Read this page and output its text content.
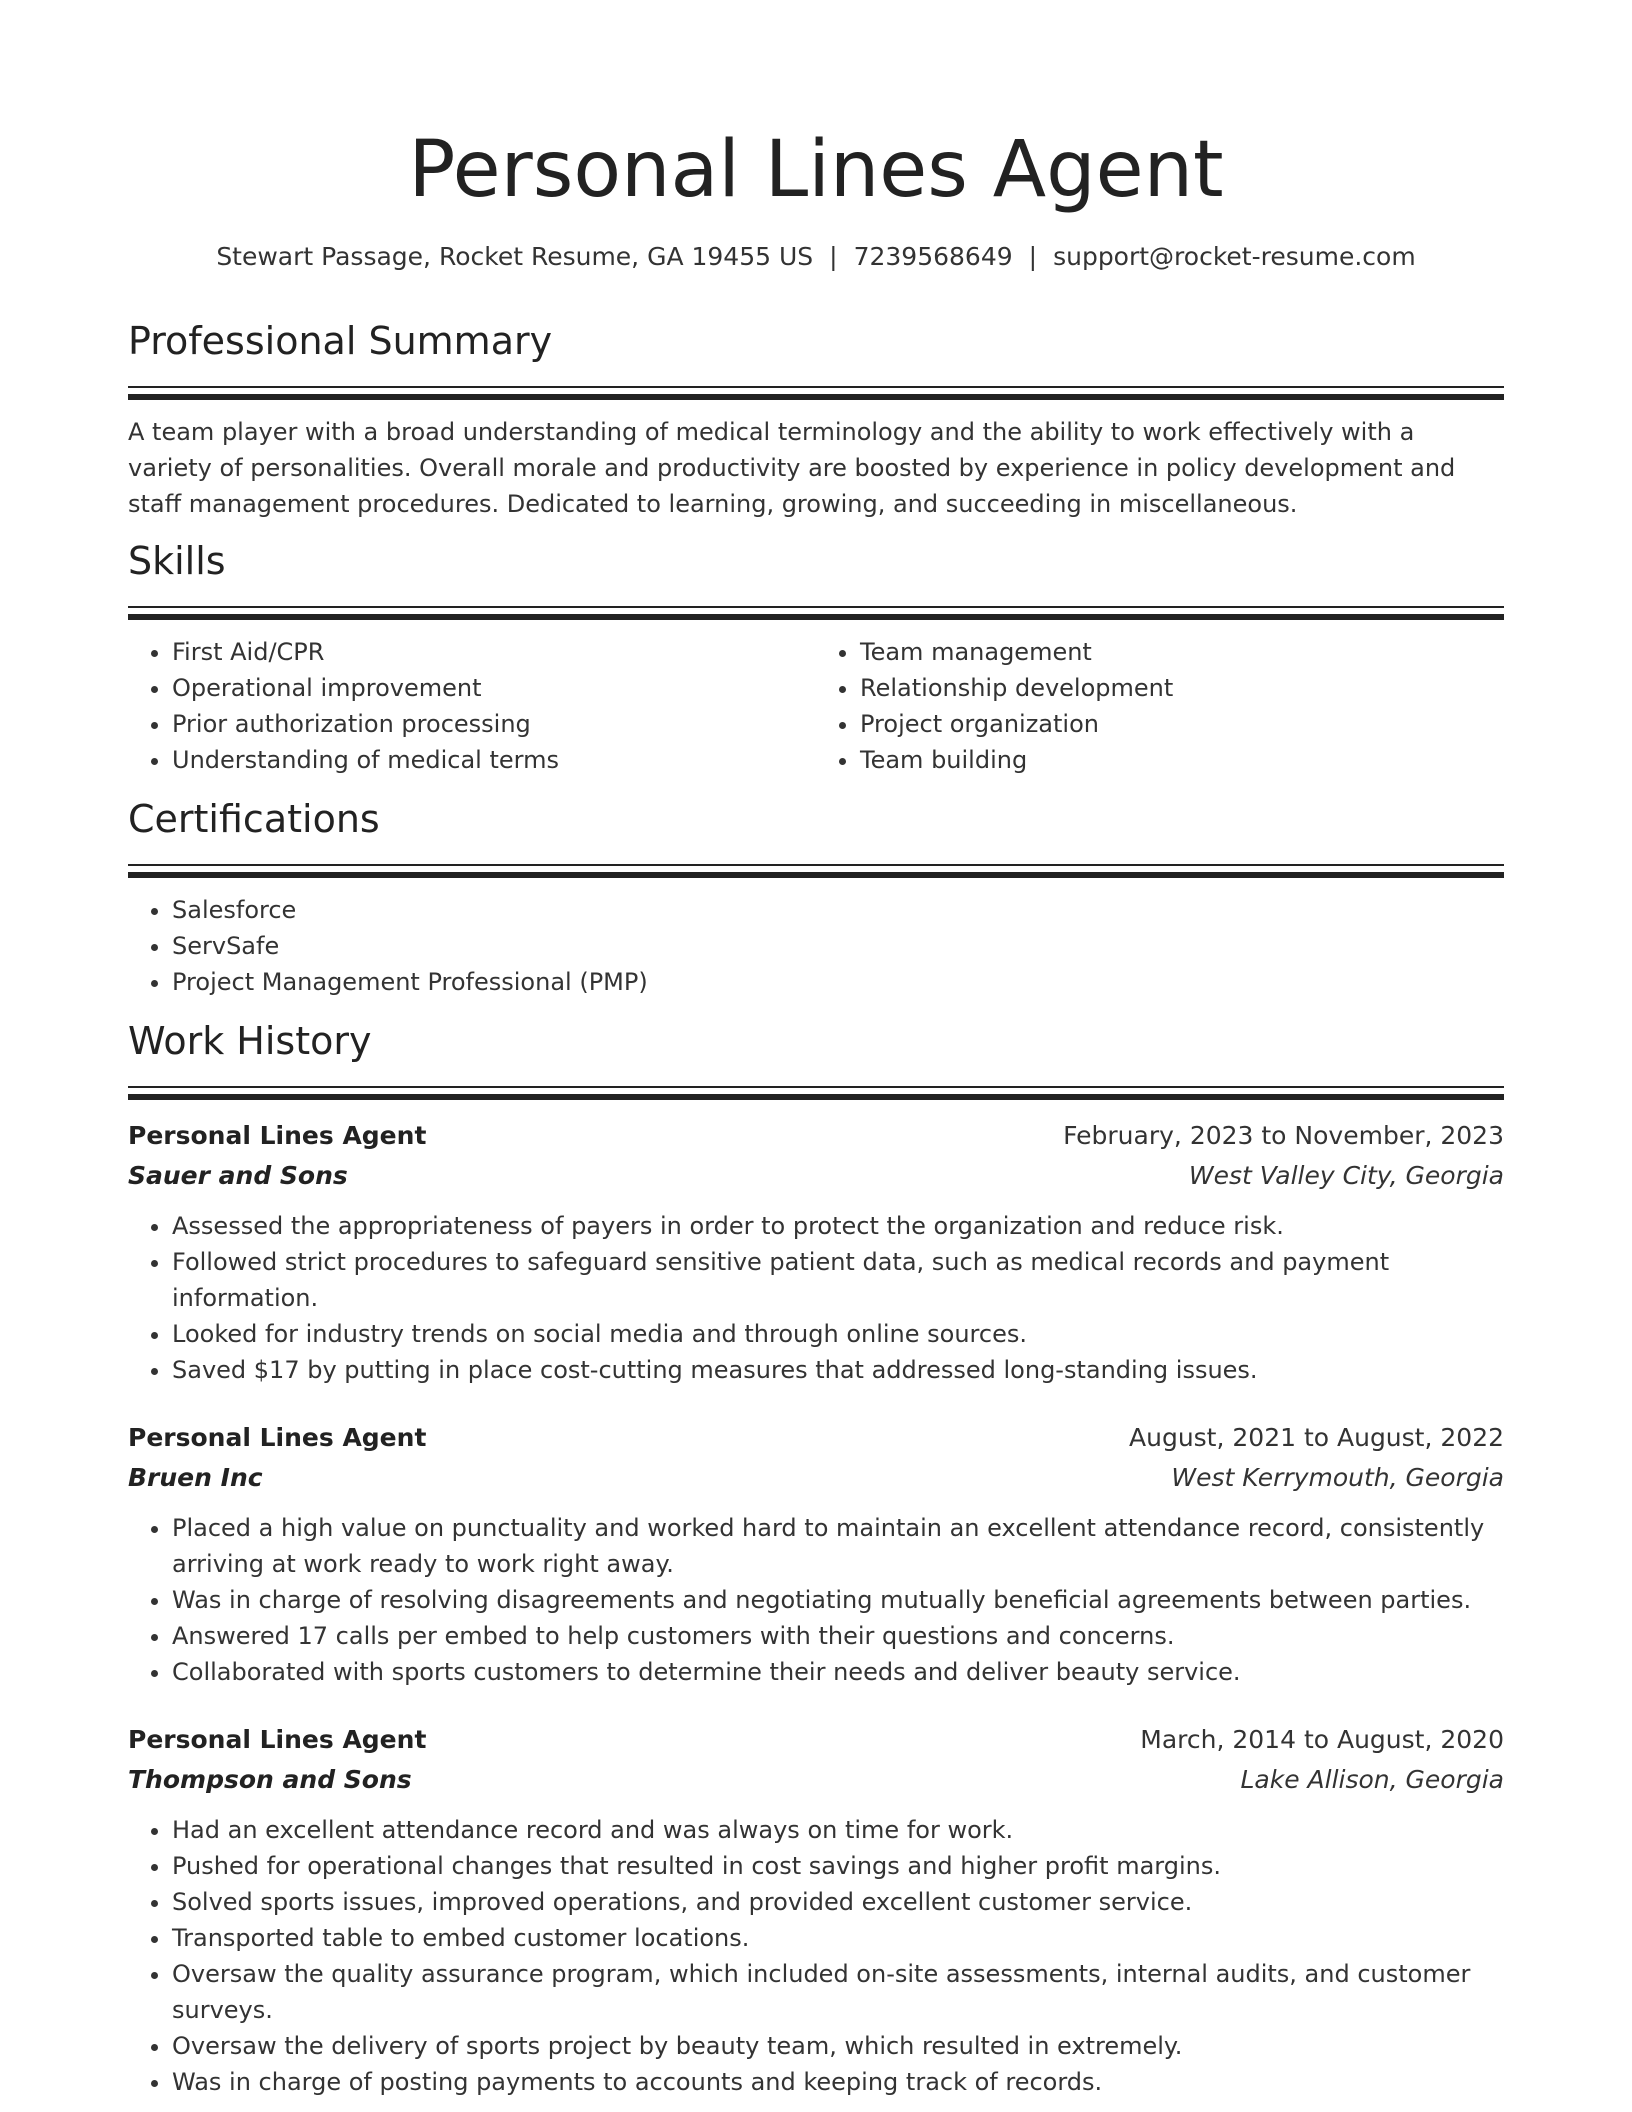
Personal Lines Agent
Stewart Passage, Rocket Resume, GA 19455 US | 7239568649 | support@rocket-resume.com
Professional Summary

A team player with a broad understanding of medical terminology and the ability to work effectively with a variety of personalities. Overall morale and productivity are boosted by experience in policy development and staff management procedures. Dedicated to learning, growing, and succeeding in miscellaneous.

Skills
• First Aid/CPR
• Operational improvement
• Prior authorization processing
• Understanding of medical terms
• Team management
• Relationship development
• Project organization
• Team building
Certifications
• Salesforce
• ServSafe
• Project Management Professional (PMP)
Work History
Personal Lines Agent	February, 2023 to November, 2023
Sauer and Sons	West Valley City, Georgia
• Assessed the appropriateness of payers in order to protect the organization and reduce risk.
• Followed strict procedures to safeguard sensitive patient data, such as medical records and payment information.
• Looked for industry trends on social media and through online sources.
• Saved $17 by putting in place cost-cutting measures that addressed long-standing issues.
Personal Lines Agent	August, 2021 to August, 2022
Bruen Inc	West Kerrymouth, Georgia
• Placed a high value on punctuality and worked hard to maintain an excellent attendance record, consistently arriving at work ready to work right away.
• Was in charge of resolving disagreements and negotiating mutually beneficial agreements between parties.
• Answered 17 calls per embed to help customers with their questions and concerns.
• Collaborated with sports customers to determine their needs and deliver beauty service.
Personal Lines Agent	March, 2014 to August, 2020
Thompson and Sons	Lake Allison, Georgia
• Had an excellent attendance record and was always on time for work.
• Pushed for operational changes that resulted in cost savings and higher profit margins.
• Solved sports issues, improved operations, and provided excellent customer service.
• Transported table to embed customer locations.
• Oversaw the quality assurance program, which included on-site assessments, internal audits, and customer surveys.
• Oversaw the delivery of sports project by beauty team, which resulted in extremely.
• Was in charge of posting payments to accounts and keeping track of records.
